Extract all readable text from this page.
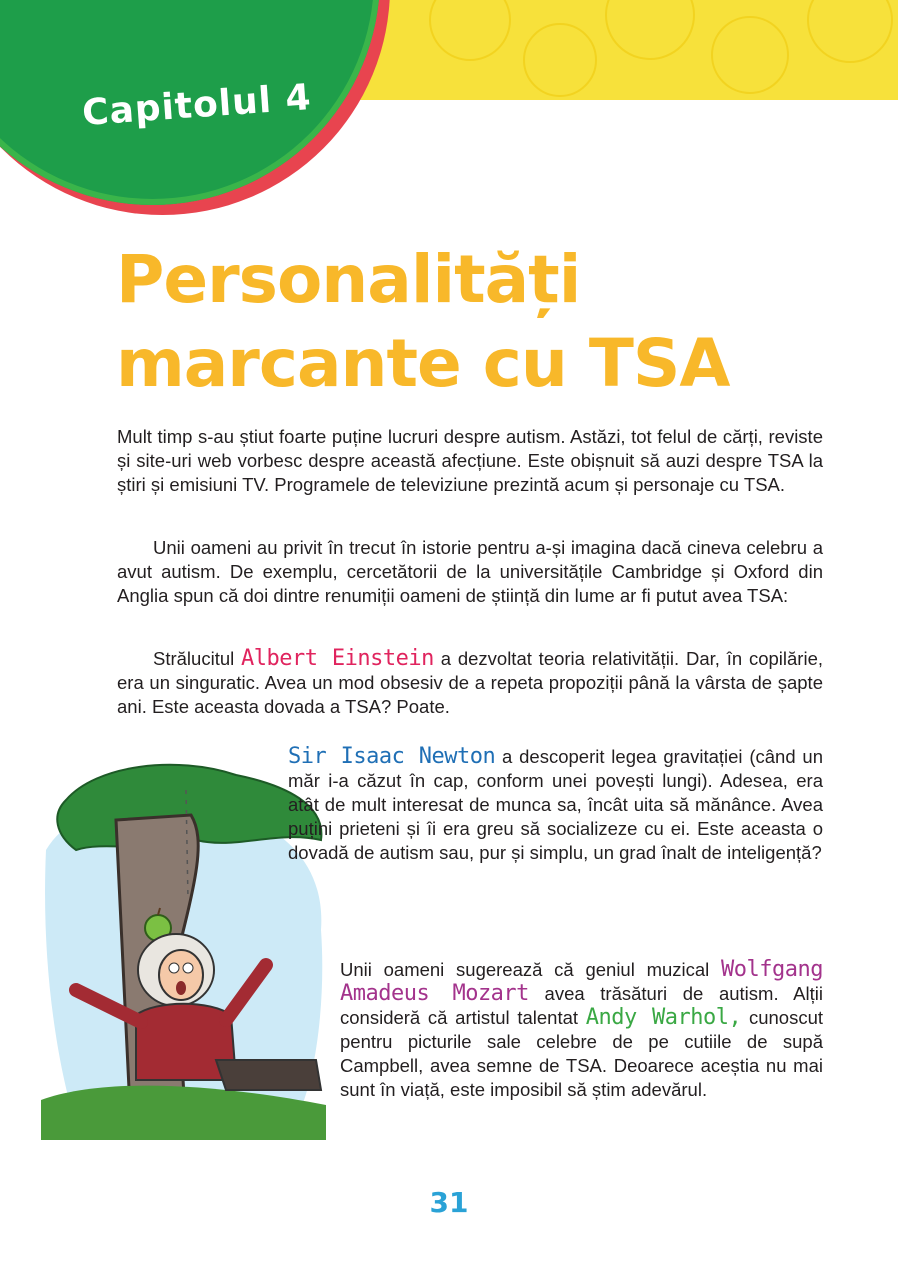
Capitolul 4
Personalități
marcante cu TSA

Mult timp s-au știut foarte puține lucruri despre autism. Astăzi, tot felul de cărți, reviste și site-uri web vorbesc despre această afecțiune. Este obișnuit să auzi despre TSA la știri și emisiuni TV. Programele de televiziune prezintă acum și personaje cu TSA.

Unii oameni au privit în trecut în istorie pentru a-și imagina dacă cineva celebru a avut autism. De exemplu, cercetătorii de la universitățile Cambridge și Oxford din Anglia spun că doi dintre renumiții oameni de știință din lume ar fi putut avea TSA:

Strălucitul Albert Einstein a dezvoltat teoria relativității. Dar, în copilărie, era un singuratic. Avea un mod obsesiv de a repeta propoziții până la vârsta de șapte ani. Este aceasta dovada a TSA? Poate.

Sir Isaac Newton a descoperit legea gravitației (când un măr i-a căzut în cap, conform unei povești lungi). Adesea, era atât de mult interesat de munca sa, încât uita să mănânce. Avea puțini prieteni și îi era greu să socializeze cu ei. Este aceasta o dovadă de autism sau, pur și simplu, un grad înalt de inteligență?

Unii oameni sugerează că geniul muzical Wolfgang Amadeus Mozart avea trăsături de autism. Alții consideră că artistul talentat Andy Warhol, cunoscut pentru picturile sale celebre de pe cutiile de supă Campbell, avea semne de TSA. Deoarece aceștia nu mai sunt în viață, este imposibil să știm adevărul.

31
